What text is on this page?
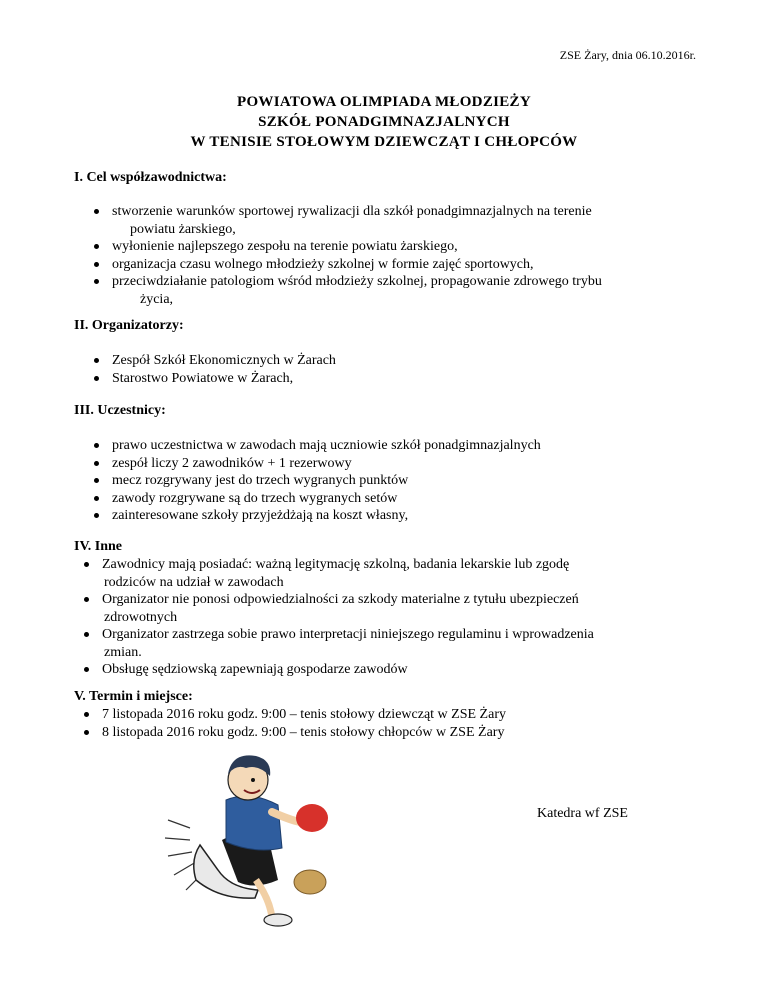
ZSE Żary, dnia 06.10.2016r.
POWIATOWA OLIMPIADA MŁODZIEŻY
SZKÓŁ PONADGIMNAZJALNYCH
W TENISIE STOŁOWYM DZIEWCZĄT I CHŁOPCÓW
I. Cel współzawodnictwa:
stworzenie warunków sportowej rywalizacji dla szkół ponadgimnazjalnych na terenie
powiatu żarskiego,
wyłonienie najlepszego zespołu na terenie powiatu żarskiego,
organizacja czasu wolnego młodzieży szkolnej w formie zajęć sportowych,
przeciwdziałanie patologiom wśród młodzieży szkolnej, propagowanie zdrowego trybu
życia,
II. Organizatorzy:
Zespół Szkół Ekonomicznych w Żarach
Starostwo Powiatowe w Żarach,
III. Uczestnicy:
prawo uczestnictwa w zawodach mają uczniowie szkół ponadgimnazjalnych
zespół liczy 2 zawodników + 1 rezerwowy
mecz rozgrywany jest do trzech wygranych punktów
zawody rozgrywane są do trzech wygranych setów
zainteresowane szkoły przyjeżdżają na koszt własny,
IV. Inne
Zawodnicy mają posiadać: ważną legitymację szkolną, badania lekarskie lub zgodę
rodziców na udział w zawodach
Organizator nie ponosi odpowiedzialności za szkody materialne z tytułu ubezpieczeń
zdrowotnych
Organizator zastrzega sobie prawo interpretacji niniejszego regulaminu i wprowadzenia
zmian.
Obsługę sędziowską zapewniają gospodarze zawodów
V. Termin i miejsce:
7 listopada 2016 roku godz. 9:00 – tenis stołowy dziewcząt w ZSE Żary
8 listopada 2016 roku godz. 9:00 – tenis stołowy chłopców w ZSE Żary
Katedra wf ZSE
